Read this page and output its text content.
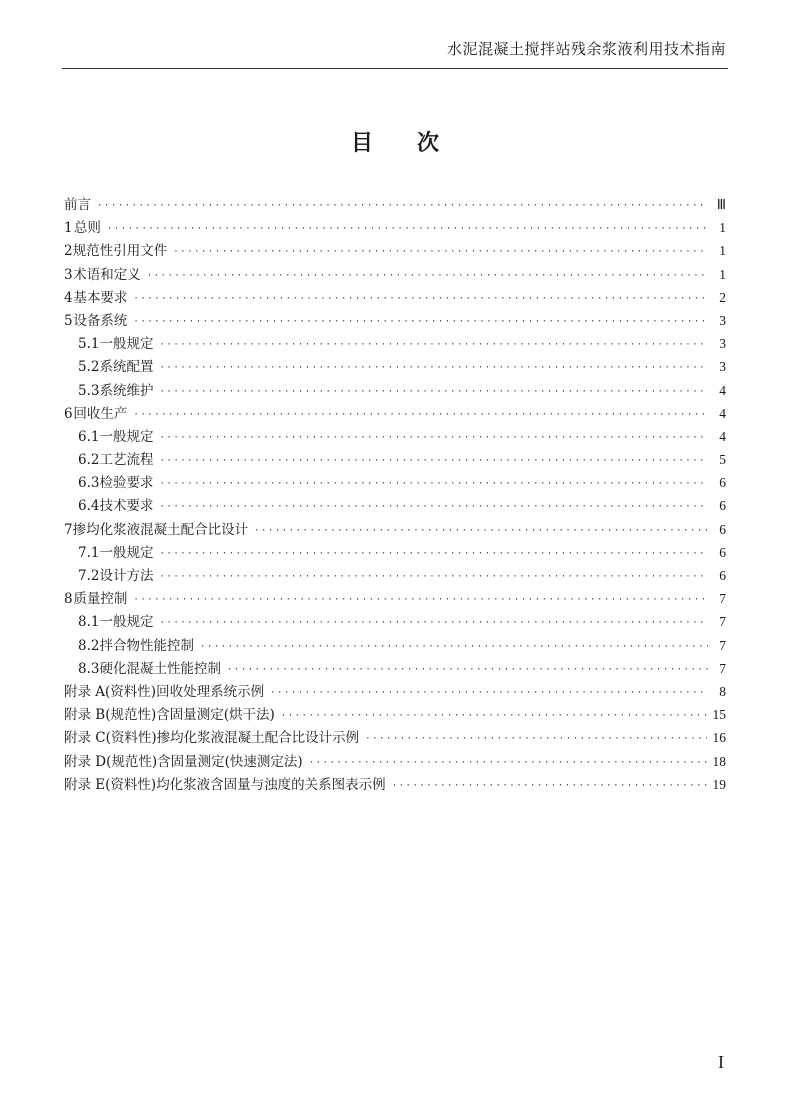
水泥混凝土搅拌站残余浆液利用技术指南
目 次
前言 ·····	Ⅲ
1 总则 ·····	1
2 规范性引用文件 ·····	1
3 术语和定义 ·····	1
4 基本要求 ·····	2
5 设备系统 ·····	3
5.1 一般规定 ·····	3
5.2 系统配置 ·····	3
5.3 系统维护 ·····	4
6 回收生产 ·····	4
6.1 一般规定 ·····	4
6.2 工艺流程 ·····	5
6.3 检验要求 ·····	6
6.4 技术要求 ·····	6
7 掺均化浆液混凝土配合比设计 ·····	6
7.1 一般规定 ·····	6
7.2 设计方法 ·····	6
8 质量控制 ·····	7
8.1 一般规定 ·····	7
8.2 拌合物性能控制 ·····	7
8.3 硬化混凝土性能控制 ·····	7
附录 A(资料性) 回收处理系统示例 ·····	8
附录 B(规范性) 含固量测定(烘干法) ·····	15
附录 C(资料性) 掺均化浆液混凝土配合比设计示例 ·····	16
附录 D(规范性) 含固量测定(快速测定法) ·····	18
附录 E(资料性) 均化浆液含固量与浊度的关系图表示例 ·····	19
I
